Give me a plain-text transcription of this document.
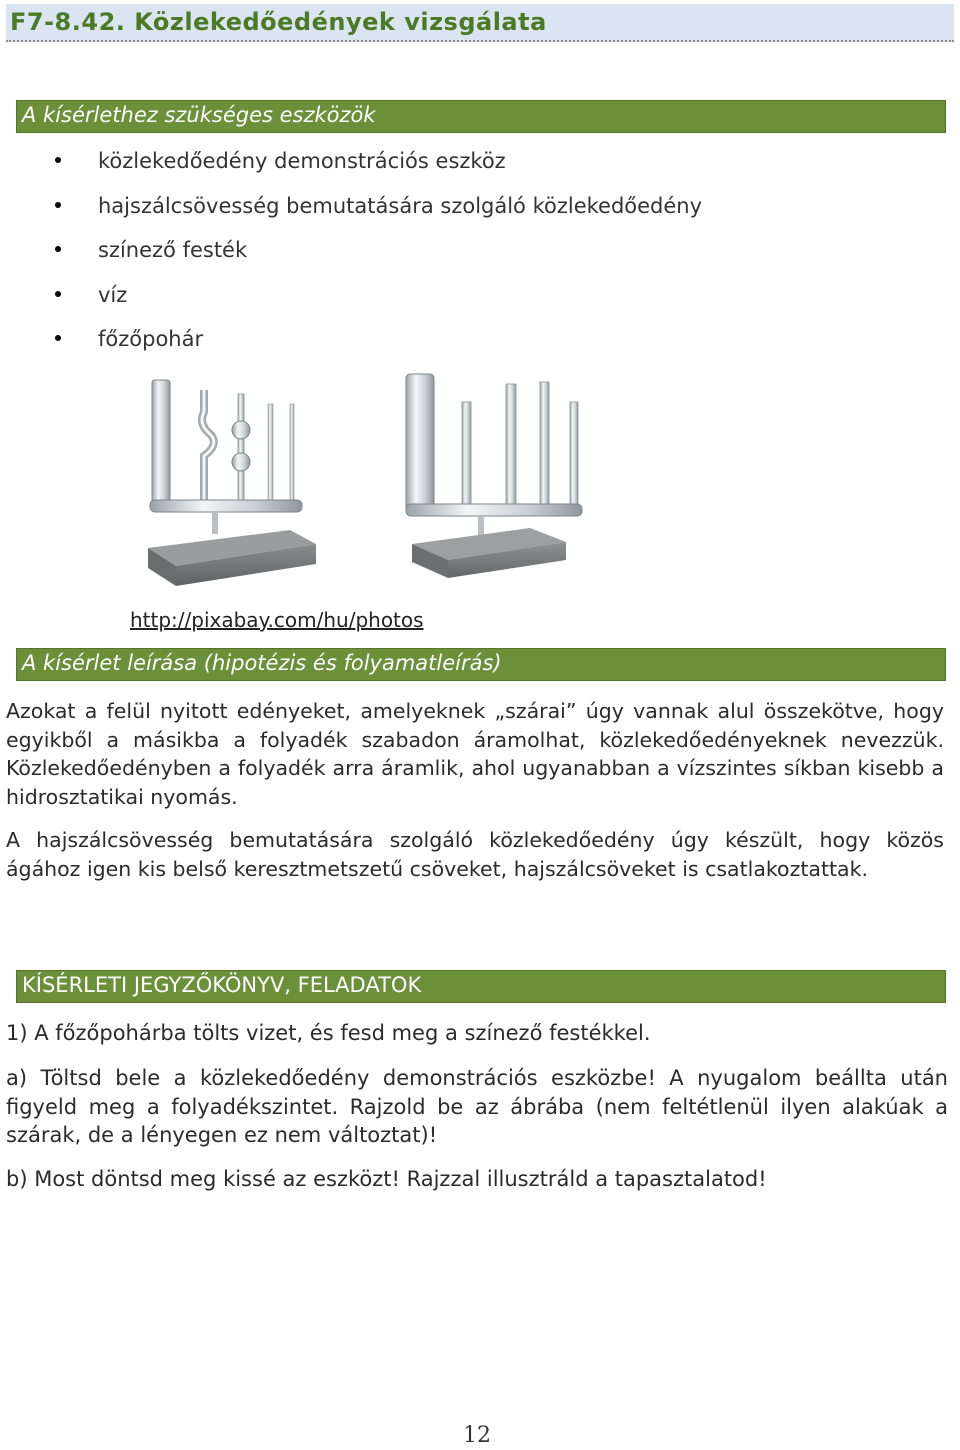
F7-8.42. Közlekedőedények vizsgálata
A kísérlethez szükséges eszközök
közlekedőedény demonstrációs eszköz
hajszálcsövesség bemutatására szolgáló közlekedőedény
színező festék
víz
főzőpohár
http://pixabay.com/hu/photos
A kísérlet leírása (hipotézis és folyamatleírás)

Azokat a felül nyitott edényeket, amelyeknek „szárai” úgy vannak alul összekötve, hogy egyikből a másikba a folyadék szabadon áramolhat, közlekedőedényeknek nevezzük. Közlekedőedényben a folyadék arra áramlik, ahol ugyanabban a vízszintes síkban kisebb a hidrosztatikai nyomás.

A hajszálcsövesség bemutatására szolgáló közlekedőedény úgy készült, hogy közös ágához igen kis belső keresztmetszetű csöveket, hajszálcsöveket is csatlakoztattak.

KÍSÉRLETI JEGYZŐKÖNYV, FELADATOK

1) A főzőpohárba tölts vizet, és fesd meg a színező festékkel.

a) Töltsd bele a közlekedőedény demonstrációs eszközbe! A nyugalom beállta után figyeld meg a folyadékszintet. Rajzold be az ábrába (nem feltétlenül ilyen alakúak a szárak, de a lényegen ez nem változtat)!

b) Most döntsd meg kissé az eszközt! Rajzzal illusztráld a tapasztalatod!

12
